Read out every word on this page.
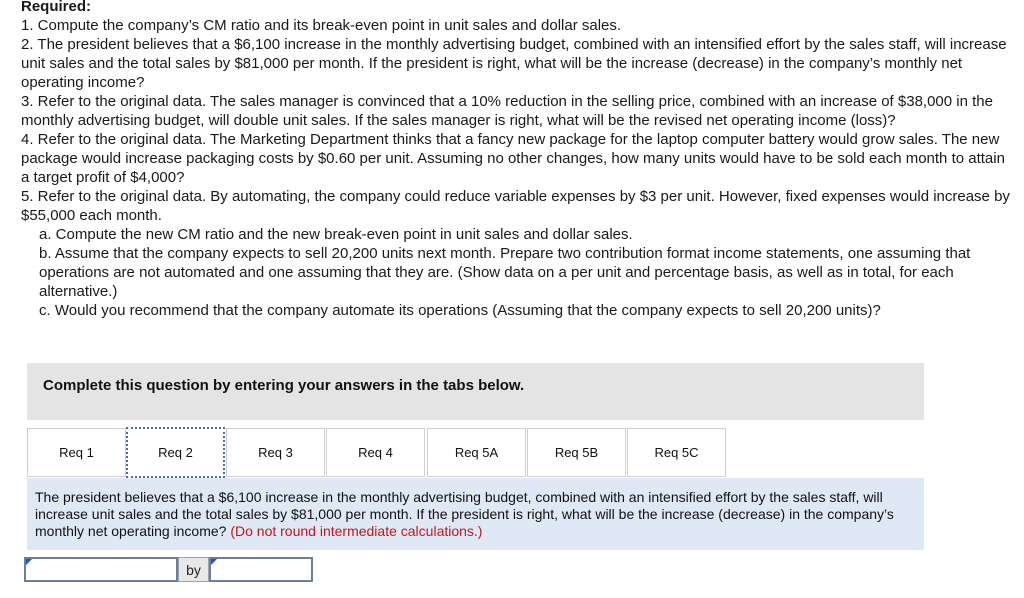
Required:

1. Compute the company’s CM ratio and its break-even point in unit sales and dollar sales.

2. The president believes that a $6,100 increase in the monthly advertising budget, combined with an intensified effort by the sales staff, will increase unit sales and the total sales by $81,000 per month. If the president is right, what will be the increase (decrease) in the company’s monthly net operating income?

3. Refer to the original data. The sales manager is convinced that a 10% reduction in the selling price, combined with an increase of $38,000 in the monthly advertising budget, will double unit sales. If the sales manager is right, what will be the revised net operating income (loss)?

4. Refer to the original data. The Marketing Department thinks that a fancy new package for the laptop computer battery would grow sales. The new package would increase packaging costs by $0.60 per unit. Assuming no other changes, how many units would have to be sold each month to attain a target profit of $4,000?

5. Refer to the original data. By automating, the company could reduce variable expenses by $3 per unit. However, fixed expenses would increase by $55,000 each month.

a. Compute the new CM ratio and the new break-even point in unit sales and dollar sales.

b. Assume that the company expects to sell 20,200 units next month. Prepare two contribution format income statements, one assuming that operations are not automated and one assuming that they are. (Show data on a per unit and percentage basis, as well as in total, for each alternative.)

c. Would you recommend that the company automate its operations (Assuming that the company expects to sell 20,200 units)?

Complete this question by entering your answers in the tabs below.
Req 1	Req 2	Req 3	Req 4	Req 5A	Req 5B	Req 5C
The president believes that a $6,100 increase in the monthly advertising budget, combined with an intensified effort by the sales staff, will increase unit sales and the total sales by $81,000 per month. If the president is right, what will be the increase (decrease) in the company’s monthly net operating income? (Do not round intermediate calculations.)
by
